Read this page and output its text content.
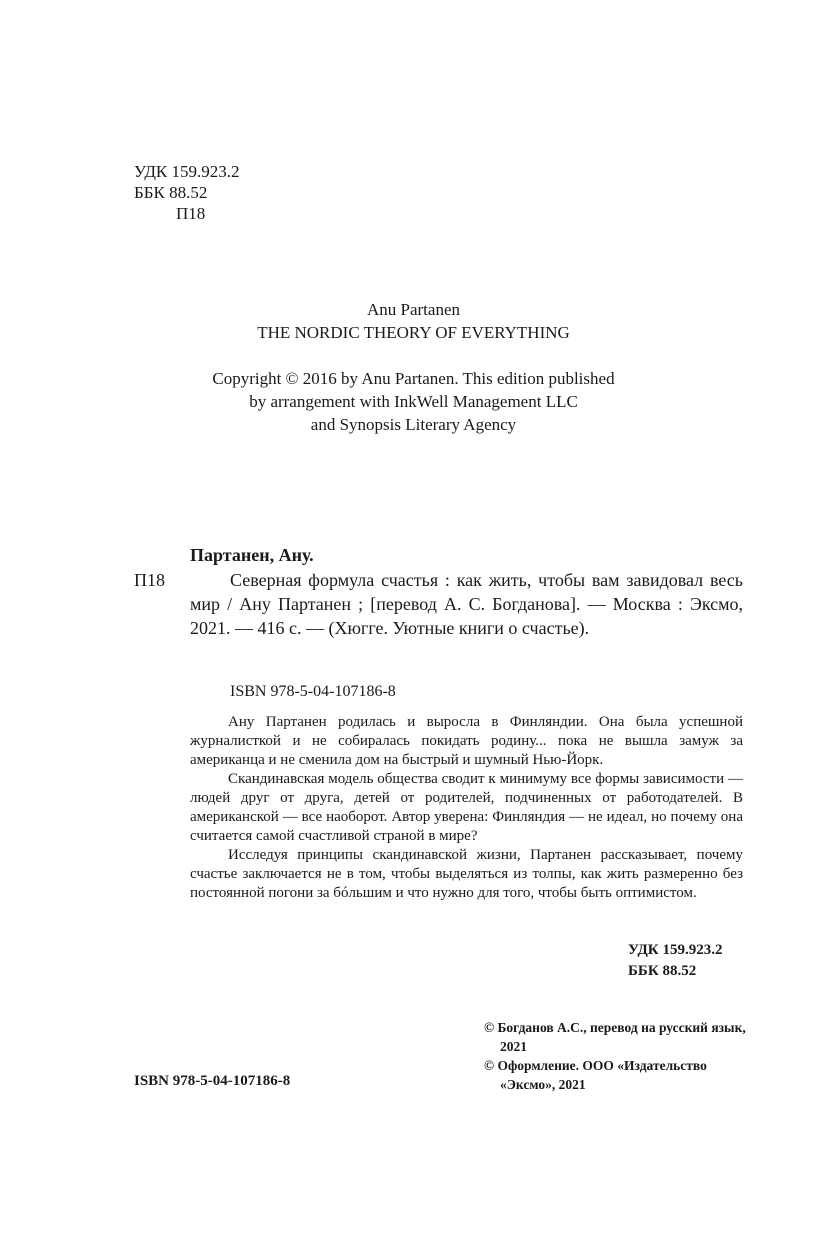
УДК 159.923.2
ББК 88.52
П18
Anu Partanen
THE NORDIC THEORY OF EVERYTHING
Copyright © 2016 by Anu Partanen. This edition published
by arrangement with InkWell Management LLC
and Synopsis Literary Agency
Партанен, Ану.
П18	Северная формула счастья : как жить, чтобы вам завидовал весь мир / Ану Партанен ; [перевод А. С. Богданова]. — Москва : Эксмо, 2021. — 416 с. — (Хюгге. Уютные книги о счастье).
ISBN 978-5-04-107186-8

Ану Партанен родилась и выросла в Финляндии. Она была успешной журналисткой и не собиралась покидать родину... пока не вышла замуж за американца и не сменила дом на быстрый и шумный Нью-Йорк.

Скандинавская модель общества сводит к минимуму все формы зависимости — людей друг от друга, детей от родителей, подчиненных от работодателей. В американской — все наоборот. Автор уверена: Финляндия — не идеал, но почему она считается самой счастливой страной в мире?

Исследуя принципы скандинавской жизни, Партанен рассказывает, почему счастье заключается не в том, чтобы выделяться из толпы, как жить размеренно без постоянной погони за бóльшим и что нужно для того, чтобы быть оптимистом.

УДК 159.923.2
ББК 88.52
© Богданов А.С., перевод на русский язык, 2021
© Оформление. ООО «Издательство «Эксмо», 2021
ISBN 978-5-04-107186-8
